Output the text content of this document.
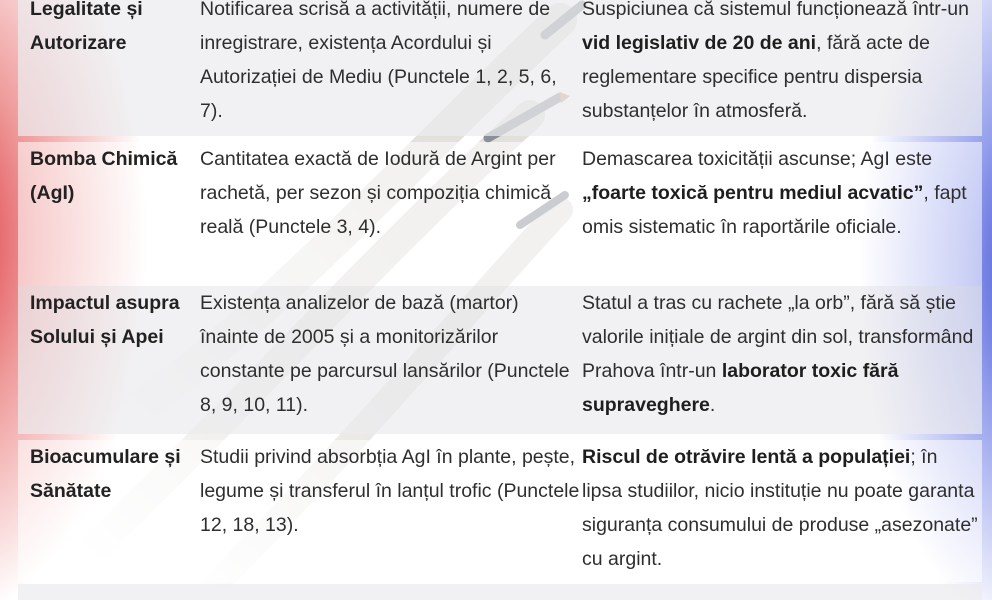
Legalitate și Autorizare
Notificarea scrisă a activității, numere de inregistrare, existența Acordului și Autorizației de Mediu (Punctele 1, 2, 5, 6, 7).
Suspiciunea că sistemul funcționează într-un vid legislativ de 20 de ani, fără acte de reglementare specifice pentru dispersia substanțelor în atmosferă.
Bomba Chimică (AgI)
Cantitatea exactă de Iodură de Argint per rachetă, per sezon și compoziția chimică reală (Punctele 3, 4).
Demascarea toxicității ascunse; AgI este „foarte toxică pentru mediul acvatic”, fapt omis sistematic în raportările oficiale.
Impactul asupra Solului și Apei
Existența analizelor de bază (martor) înainte de 2005 și a monitorizărilor constante pe parcursul lansărilor (Punctele 8, 9, 10, 11).
Statul a tras cu rachete „la orb”, fără să știe valorile inițiale de argint din sol, transformând Prahova într-un laborator toxic fără supraveghere.
Bioacumulare și Sănătate
Studii privind absorbția AgI în plante, pește, legume și transferul în lanțul trofic (Punctele 12, 18, 13).
Riscul de otrăvire lentă a populației; în lipsa studiilor, nicio instituție nu poate garanta siguranța consumului de produse „asezonate” cu argint.
